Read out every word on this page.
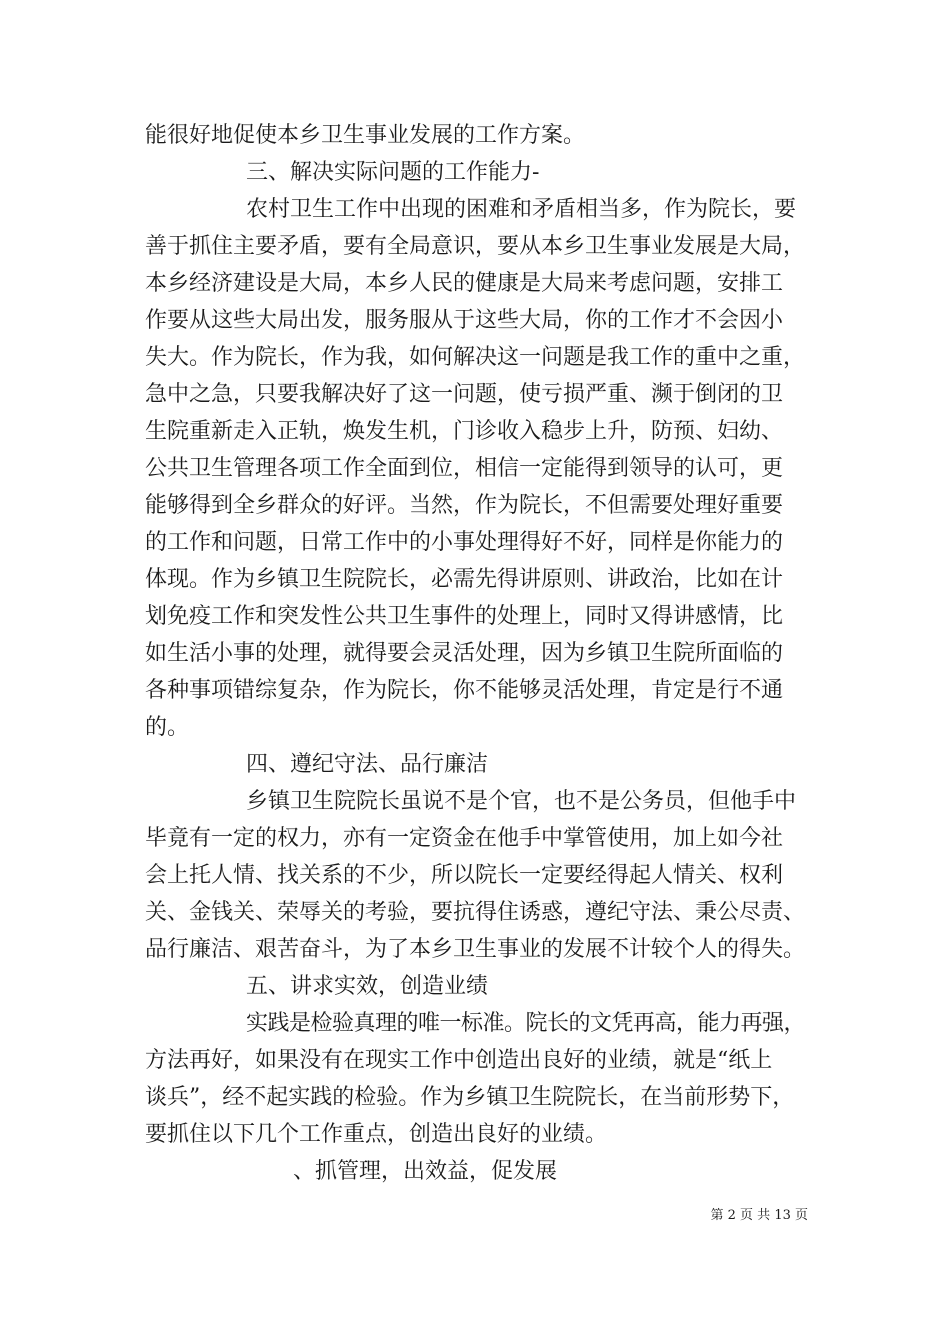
能很好地促使本乡卫生事业发展的工作方案。
三、解决实际问题的工作能力-
农村卫生工作中出现的困难和矛盾相当多，作为院长，要
善于抓住主要矛盾，要有全局意识，要从本乡卫生事业发展是大局，
本乡经济建设是大局，本乡人民的健康是大局来考虑问题，安排工
作要从这些大局出发，服务服从于这些大局，你的工作才不会因小
失大。作为院长，作为我，如何解决这一问题是我工作的重中之重，
急中之急，只要我解决好了这一问题，使亏损严重、濒于倒闭的卫
生院重新走入正轨，焕发生机，门诊收入稳步上升，防预、妇幼、
公共卫生管理各项工作全面到位，相信一定能得到领导的认可，更
能够得到全乡群众的好评。当然，作为院长，不但需要处理好重要
的工作和问题，日常工作中的小事处理得好不好，同样是你能力的
体现。作为乡镇卫生院院长，必需先得讲原则、讲政治，比如在计
划免疫工作和突发性公共卫生事件的处理上，同时又得讲感情，比
如生活小事的处理，就得要会灵活处理，因为乡镇卫生院所面临的
各种事项错综复杂，作为院长，你不能够灵活处理，肯定是行不通
的。
四、遵纪守法、品行廉洁
乡镇卫生院院长虽说不是个官，也不是公务员，但他手中
毕竟有一定的权力，亦有一定资金在他手中掌管使用，加上如今社
会上托人情、找关系的不少，所以院长一定要经得起人情关、权利
关、金钱关、荣辱关的考验，要抗得住诱惑，遵纪守法、秉公尽责、
品行廉洁、艰苦奋斗，为了本乡卫生事业的发展不计较个人的得失。
五、讲求实效，创造业绩
实践是检验真理的唯一标准。院长的文凭再高，能力再强，
方法再好，如果没有在现实工作中创造出良好的业绩，就是“纸上
谈兵”，经不起实践的检验。作为乡镇卫生院院长，在当前形势下，
要抓住以下几个工作重点，创造出良好的业绩。
、抓管理，出效益，促发展
第 2 页 共 13 页
